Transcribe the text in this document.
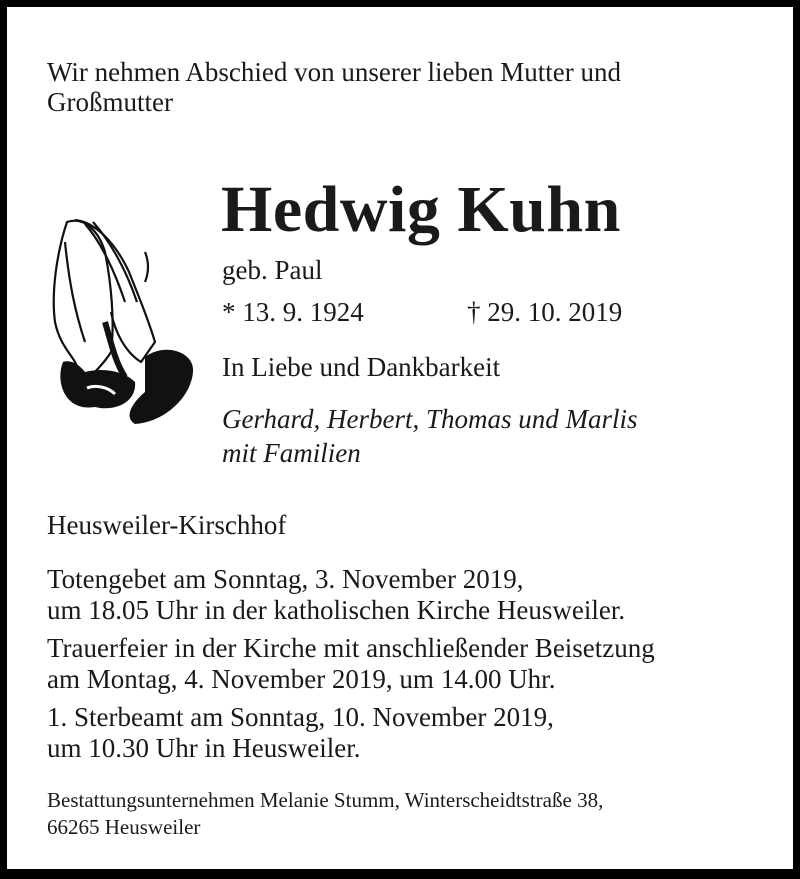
Wir nehmen Abschied von unserer lieben Mutter und
Großmutter
Hedwig Kuhn
geb. Paul
* 13. 9. 1924	† 29. 10. 2019
In Liebe und Dankbarkeit
Gerhard, Herbert, Thomas und Marlis
mit Familien
Heusweiler-Kirschhof
Totengebet am Sonntag, 3. November 2019,
um 18.05 Uhr in der katholischen Kirche Heusweiler.
Trauerfeier in der Kirche mit anschließender Beisetzung
am Montag, 4. November 2019, um 14.00 Uhr.
1. Sterbeamt am Sonntag, 10. November 2019,
um 10.30 Uhr in Heusweiler.
Bestattungsunternehmen Melanie Stumm, Winterscheidtstraße 38,
66265 Heusweiler
